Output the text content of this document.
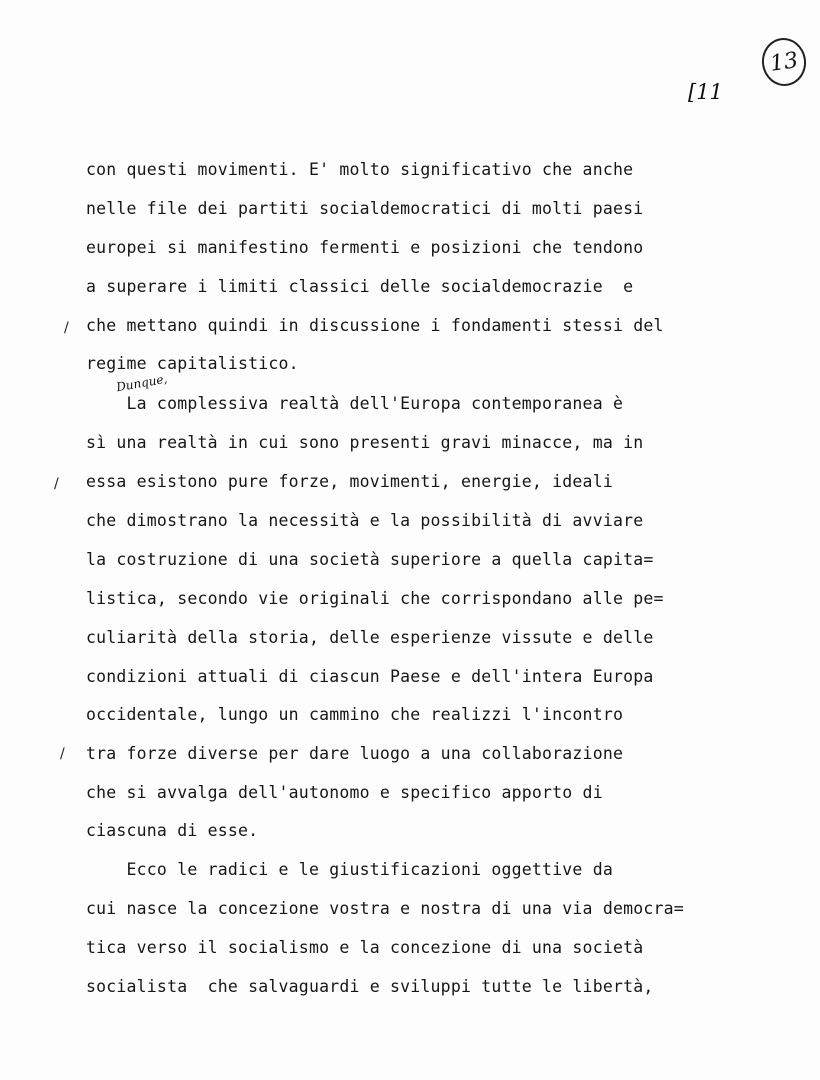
13
[11
Dunque,
/
/
/
con questi movimenti. E' molto significativo che anche
nelle file dei partiti socialdemocratici di molti paesi
europei si manifestino fermenti e posizioni che tendono
a superare i limiti classici delle socialdemocrazie  e
che mettano quindi in discussione i fondamenti stessi del
regime capitalistico.
La complessiva realtà dell'Europa contemporanea è
sì una realtà in cui sono presenti gravi minacce, ma in
essa esistono pure forze, movimenti, energie, ideali
che dimostrano la necessità e la possibilità di avviare
la costruzione di una società superiore a quella capita=
listica, secondo vie originali che corrispondano alle pe=
culiarità della storia, delle esperienze vissute e delle
condizioni attuali di ciascun Paese e dell'intera Europa
occidentale, lungo un cammino che realizzi l'incontro
tra forze diverse per dare luogo a una collaborazione
che si avvalga dell'autonomo e specifico apporto di
ciascuna di esse.
Ecco le radici e le giustificazioni oggettive da
cui nasce la concezione vostra e nostra di una via democra=
tica verso il socialismo e la concezione di una società
socialista  che salvaguardi e sviluppi tutte le libertà,
